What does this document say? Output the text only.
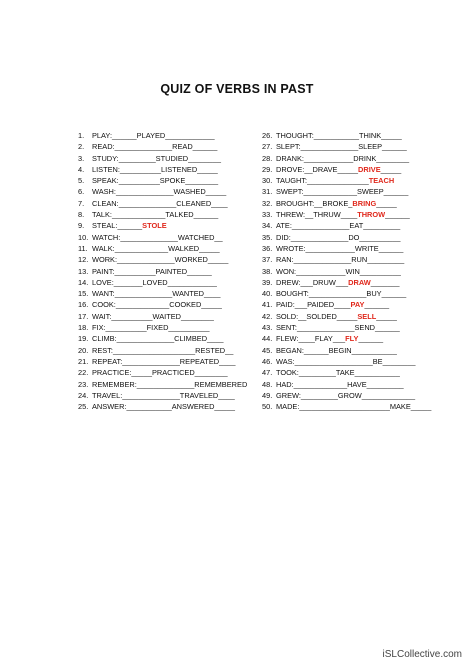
QUIZ OF VERBS IN PAST
1. PLAY:______PLAYED____________
2. READ:______________READ______
3. STUDY:_________STUDIED________
4. LISTEN:__________LISTENED_____
5. SPEAK:__________SPOKE________
6. WASH:______________WASHED_____
7. CLEAN:______________CLEANED____
8. TALK:_____________TALKED______
9. STEAL:______STOLE
10. WATCH:______________WATCHED__
11. WALK:_____________WALKED_____
12. WORK:______________WORKED_____
13. PAINT:__________PAINTED______
14. LOVE:_______LOVED____________
15. WANT:______________WANTED____
16. COOK:_____________COOKED_____
17. WAIT:__________WAITED________
18. FIX:__________FIXED__________
19. CLIMB:______________CLIMBED____
20. REST:____________________RESTED__
21. REPEAT:______________REPEATED____
22. PRACTICE:_____PRACTICED________
23. REMEMBER:______________REMEMBERED
24. TRAVEL:______________TRAVELED____
25. ANSWER:___________ANSWERED_____
26. THOUGHT:___________THINK_____
27. SLEPT:______________SLEEP______
28. DRANK:____________DRINK________
29. DROVE:__DRAVE_____DRIVE_____
30. TAUGHT:_______________TEACH
31. SWEPT:_____________SWEEP______
32. BROUGHT:__BROKE_BRING_____
33. THREW:__THRUW____THROW______
34. ATE:______________EAT_________
35. DID:______________DO__________
36. WROTE:____________WRITE______
37. RAN:______________RUN_________
38. WON:____________WIN__________
39. DREW:___DRUW___DRAW_______
40. BOUGHT:______________BUY______
41. PAID:___PAIDED____PAY______
42. SOLD:__SOLDED_____SELL_____
43. SENT:______________SEND______
44. FLEW:____FLAY___FLY______
45. BEGAN:______BEGIN___________
46. WAS:___________________BE________
47. TOOK:_________TAKE___________
48. HAD:_____________HAVE_________
49. GREW:_________GROW_____________
50. MADE:______________________MAKE_____
iSLCollective.com
